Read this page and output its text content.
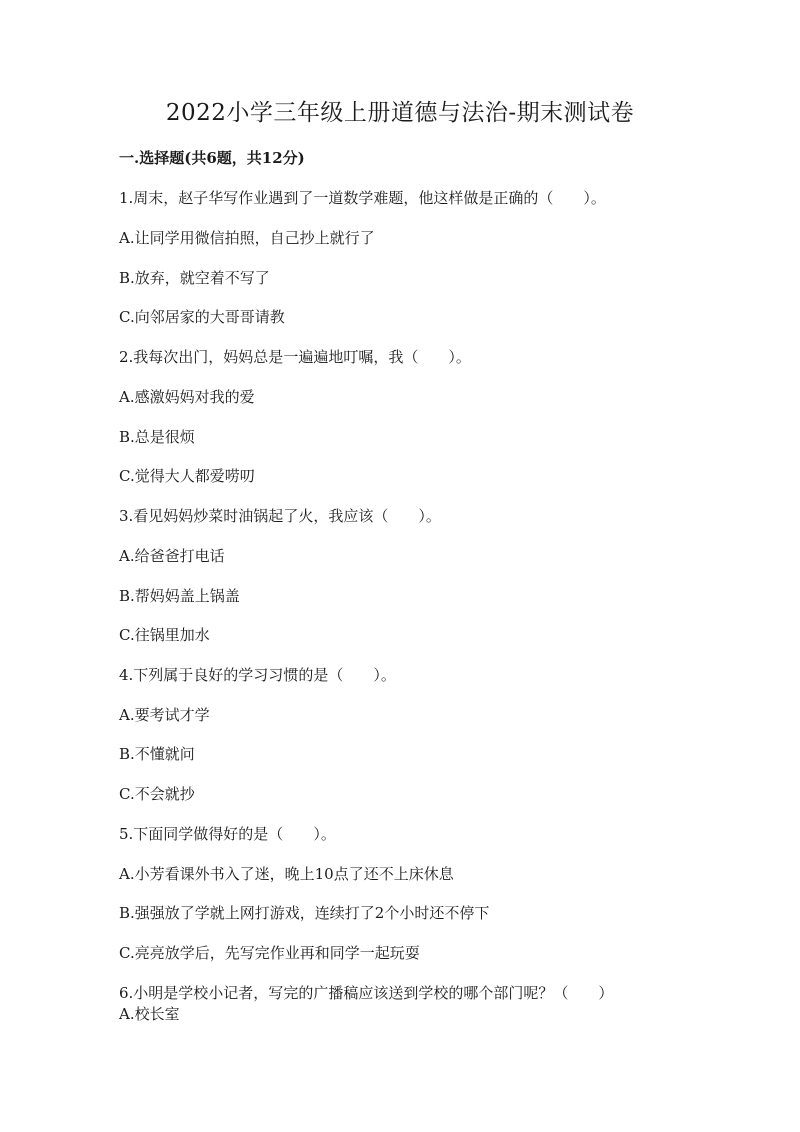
2022小学三年级上册道德与法治-期末测试卷
一.选择题(共6题，共12分)
1.周末，赵子华写作业遇到了一道数学难题，他这样做是正确的（　　）。
A.让同学用微信拍照，自己抄上就行了
B.放弃，就空着不写了
C.向邻居家的大哥哥请教
2.我每次出门，妈妈总是一遍遍地叮嘱，我（　　）。
A.感激妈妈对我的爱
B.总是很烦
C.觉得大人都爱唠叨
3.看见妈妈炒菜时油锅起了火，我应该（　　）。
A.给爸爸打电话
B.帮妈妈盖上锅盖
C.往锅里加水
4.下列属于良好的学习习惯的是（　　）。
A.要考试才学
B.不懂就问
C.不会就抄
5.下面同学做得好的是（　　）。
A.小芳看课外书入了迷，晚上10点了还不上床休息
B.强强放了学就上网打游戏，连续打了2个小时还不停下
C.亮亮放学后，先写完作业再和同学一起玩耍
6.小明是学校小记者，写完的广播稿应该送到学校的哪个部门呢？（　　）
A.校长室
